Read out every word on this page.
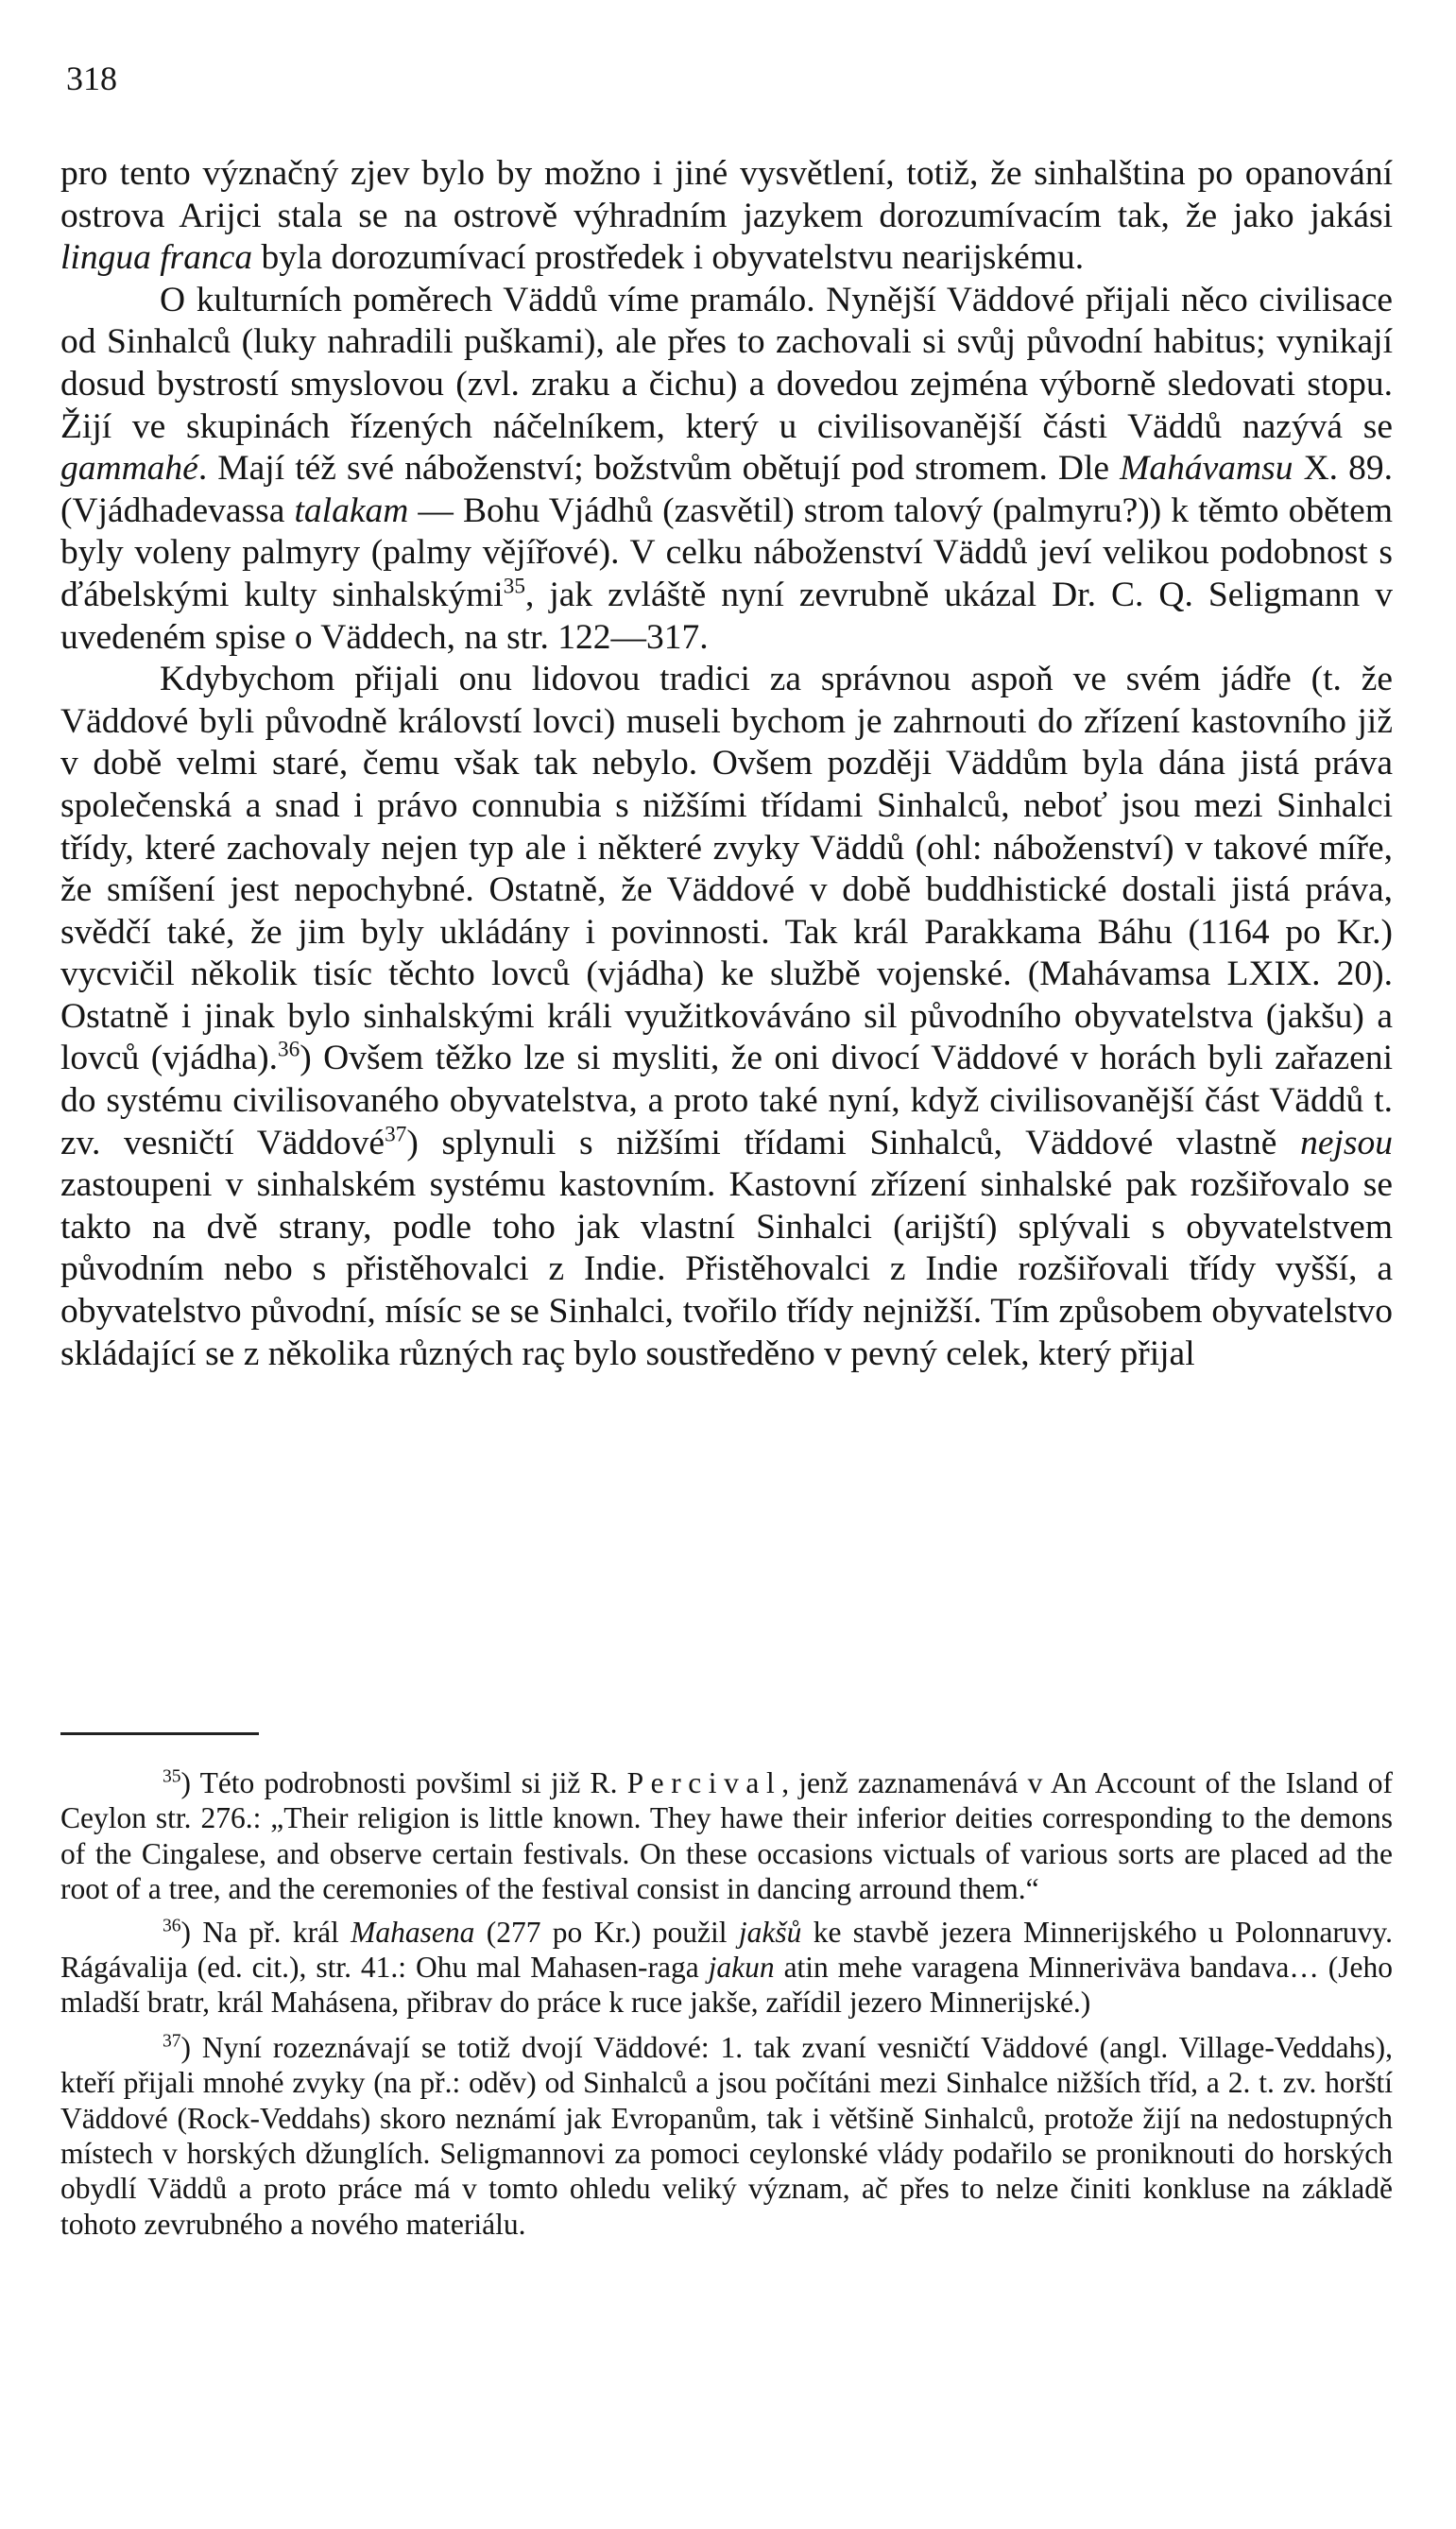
318

pro tento význačný zjev bylo by možno i jiné vysvětlení, totiž, že sinhalština po opanování ostrova Arijci stala se na ostrově výhradním jazykem dorozumívacím tak, že jako jakási lingua franca byla dorozumívací prostředek i obyvatelstvu nearijskému.

O kulturních poměrech Väddů víme pramálo. Nynější Väddové přijali něco civilisace od Sinhalců (luky nahradili puškami), ale přes to zachovali si svůj původní habitus; vynikají dosud bystrostí smyslovou (zvl. zraku a čichu) a dovedou zejména výborně sledovati stopu. Žijí ve skupinách řízených náčelníkem, který u civilisovanější části Väddů nazývá se gammahé. Mají též své náboženství; božstvům obětují pod stromem. Dle Mahávamsu X. 89. (Vjádhadevassa talakam — Bohu Vjádhů (zasvětil) strom talový (palmyru?)) k těmto obětem byly voleny palmyry (palmy vějířové). V celku náboženství Väddů jeví velikou podobnost s ďábelskými kulty sinhalskými$^{35}$, jak zvláště nyní zevrubně ukázal Dr. C. Q. Seligmann v uvedeném spise o Väddech, na str. 122—317.

Kdybychom přijali onu lidovou tradici za správnou aspoň ve svém jádře (t. že Väddové byli původně královstí lovci) museli bychom je zahrnouti do zřízení kastovního již v době velmi staré, čemu však tak nebylo. Ovšem později Väddům byla dána jistá práva společenská a snad i právo connubia s nižšími třídami Sinhalců, neboť jsou mezi Sinhalci třídy, které zachovaly nejen typ ale i některé zvyky Väddů (ohl: náboženství) v takové míře, že smíšení jest nepochybné. Ostatně, že Väddové v době buddhistické dostali jistá práva, svědčí také, že jim byly ukládány i povinnosti. Tak král Parakkama Báhu (1164 po Kr.) vycvičil několik tisíc těchto lovců (vjádha) ke službě vojenské. (Mahávamsa LXIX. 20). Ostatně i jinak bylo sinhalskými králi využitkováváno sil původního obyvatelstva (jakšu) a lovců (vjádha).$^{36}$) Ovšem těžko lze si mysliti, že oni divocí Väddové v horách byli zařazeni do systému civilisovaného obyvatelstva, a proto také nyní, když civilisovanější část Väddů t. zv. vesničtí Väddové$^{37}$) splynuli s nižšími třídami Sinhalců, Väddové vlastně nejsou zastoupeni v sinhalském systému kastovním. Kastovní zřízení sinhalské pak rozšiřovalo se takto na dvě strany, podle toho jak vlastní Sinhalci (arijští) splývali s obyvatelstvem původním nebo s přistěhovalci z Indie. Přistěhovalci z Indie rozšiřovali třídy vyšší, a obyvatelstvo původní, mísíc se se Sinhalci, tvořilo třídy nejnižší. Tím způsobem obyvatelstvo skládající se z několika různých raç bylo soustředěno v pevný celek, který přijal

$^{35}$) Této podrobnosti povšiml si již R. Percival, jenž zaznamenává v An Account of the Island of Ceylon str. 276.: „Their religion is little known. They hawe their inferior deities corresponding to the demons of the Cingalese, and observe certain festivals. On these occasions victuals of various sorts are placed ad the root of a tree, and the ceremonies of the festival consist in dancing arround them.“

$^{36}$) Na př. král Mahasena (277 po Kr.) použil jakšů ke stavbě jezera Minnerijského u Polonnaruvy. Rágávalija (ed. cit.), str. 41.: Ohu mal Mahasen-raga jakun atin mehe varagena Minneriväva bandava… (Jeho mladší bratr, král Mahásena, přibrav do práce k ruce jakše, zařídil jezero Minnerijské.)

$^{37}$) Nyní rozeznávají se totiž dvojí Väddové: 1. tak zvaní vesničtí Väddové (angl. Village-Veddahs), kteří přijali mnohé zvyky (na př.: oděv) od Sinhalců a jsou počítáni mezi Sinhalce nižších tříd, a 2. t. zv. horští Väddové (Rock-Veddahs) skoro neznámí jak Evropanům, tak i většině Sinhalců, protože žijí na nedostupných místech v horských džunglích. Seligmannovi za pomoci ceylonské vlády podařilo se proniknouti do horských obydlí Väddů a proto práce má v tomto ohledu veliký význam, ač přes to nelze činiti konkluse na základě tohoto zevrubného a nového materiálu.
